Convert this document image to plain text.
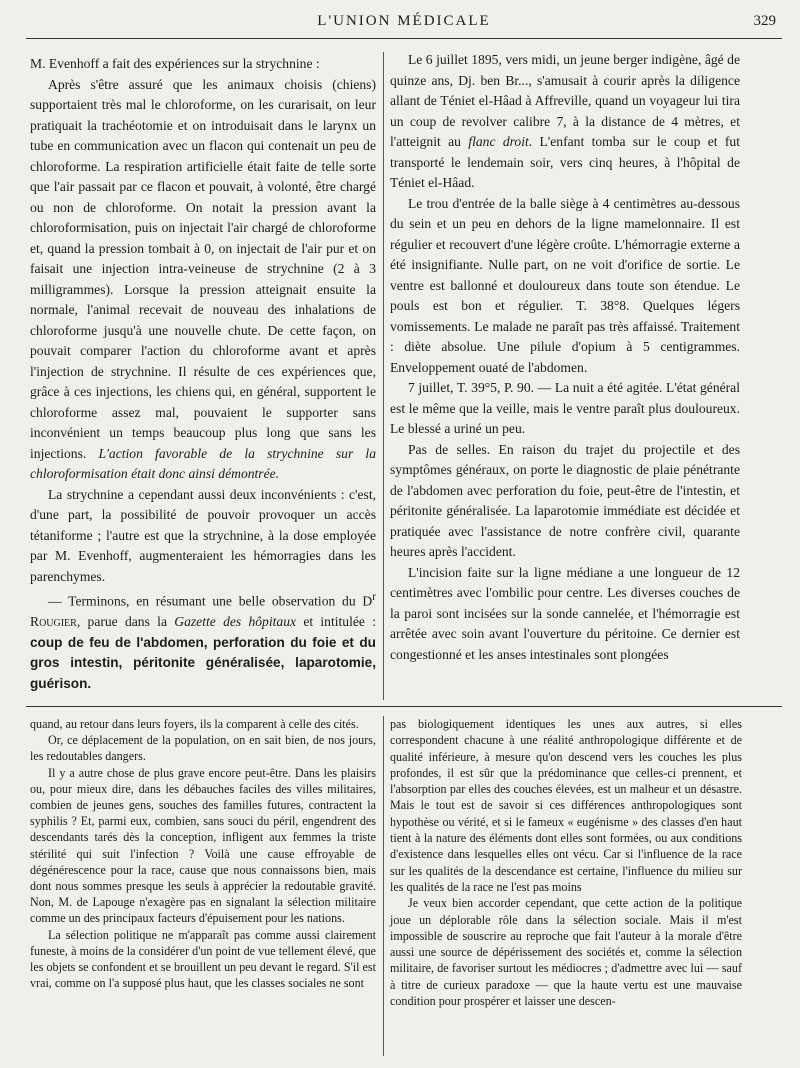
L'UNION MÉDICALE	329

M. Evenhoff a fait des expériences sur la strychnine :

Après s'être assuré que les animaux choisis (chiens) supportaient très mal le chloroforme, on les curarisait, on leur pratiquait la trachéotomie et on introduisait dans le larynx un tube en communication avec un flacon qui contenait un peu de chloroforme. La respiration artificielle était faite de telle sorte que l'air passait par ce flacon et pouvait, à volonté, être chargé ou non de chloroforme. On notait la pression avant la chloroformisation, puis on injectait l'air chargé de chloroforme et, quand la pression tombait à 0, on injectait de l'air pur et on faisait une injection intra-veineuse de strychnine (2 à 3 milligrammes). Lorsque la pression atteignait ensuite la normale, l'animal recevait de nouveau des inhalations de chloroforme jusqu'à une nouvelle chute. De cette façon, on pouvait comparer l'action du chloroforme avant et après l'injection de strychnine. Il résulte de ces expériences que, grâce à ces injections, les chiens qui, en général, supportent le chloroforme assez mal, pouvaient le supporter sans inconvénient un temps beaucoup plus long que sans les injections. L'action favorable de la strychnine sur la chloroformisation était donc ainsi démontrée.

La strychnine a cependant aussi deux inconvénients : c'est, d'une part, la possibilité de pouvoir provoquer un accès tétaniforme ; l'autre est que la strychnine, à la dose employée par M. Evenhoff, augmenteraient les hémorragies dans les parenchymes.

— Terminons, en résumant une belle observation du $D^r$ Rougier, parue dans la Gazette des hôpitaux et intitulée : coup de feu de l'abdomen, perforation du foie et du gros intestin, péritonite généralisée, laparotomie, guérison.

Le 6 juillet 1895, vers midi, un jeune berger indigène, âgé de quinze ans, Dj. ben Br..., s'amusait à courir après la diligence allant de Téniet el-Hâad à Affreville, quand un voyageur lui tira un coup de revolver calibre 7, à la distance de 4 mètres, et l'atteignit au flanc droit. L'enfant tomba sur le coup et fut transporté le lendemain soir, vers cinq heures, à l'hôpital de Téniet el-Hâad.

Le trou d'entrée de la balle siège à 4 centimètres au-dessous du sein et un peu en dehors de la ligne mamelonnaire. Il est régulier et recouvert d'une légère croûte. L'hémorragie externe a été insignifiante. Nulle part, on ne voit d'orifice de sortie. Le ventre est ballonné et douloureux dans toute son étendue. Le pouls est bon et régulier. T. 38°8. Quelques légers vomissements. Le malade ne paraît pas très affaissé. Traitement : diète absolue. Une pilule d'opium à 5 centigrammes. Enveloppement ouaté de l'abdomen.

7 juillet, T. 39°5, P. 90. — La nuit a été agitée. L'état général est le même que la veille, mais le ventre paraît plus douloureux. Le blessé a uriné un peu.

Pas de selles. En raison du trajet du projectile et des symptômes généraux, on porte le diagnostic de plaie pénétrante de l'abdomen avec perforation du foie, peut-être de l'intestin, et péritonite généralisée. La laparotomie immédiate est décidée et pratiquée avec l'assistance de notre confrère civil, quarante heures après l'accident.

L'incision faite sur la ligne médiane a une longueur de 12 centimètres avec l'ombilic pour centre. Les diverses couches de la paroi sont incisées sur la sonde cannelée, et l'hémorragie est arrêtée avec soin avant l'ouverture du péritoine. Ce dernier est congestionné et les anses intestinales sont plongées

quand, au retour dans leurs foyers, ils la comparent à celle des cités.

Or, ce déplacement de la population, on en sait bien, de nos jours, les redoutables dangers.

Il y a autre chose de plus grave encore peut-être. Dans les plaisirs ou, pour mieux dire, dans les débauches faciles des villes militaires, combien de jeunes gens, souches des familles futures, contractent la syphilis ? Et, parmi eux, combien, sans souci du péril, engendrent des descendants tarés dès la conception, infligent aux femmes la triste stérilité qui suit l'infection ? Voilà une cause effroyable de dégénérescence pour la race, cause que nous connaissons bien, mais dont nous sommes presque les seuls à apprécier la redoutable gravité. Non, M. de Lapouge n'exagère pas en signalant la sélection militaire comme un des principaux facteurs d'épuisement pour les nations.

La sélection politique ne m'apparaît pas comme aussi clairement funeste, à moins de la considérer d'un point de vue tellement élevé, que les objets se confondent et se brouillent un peu devant le regard. S'il est vrai, comme on l'a supposé plus haut, que les classes sociales ne sont

pas biologiquement identiques les unes aux autres, si elles correspondent chacune à une réalité anthropologique différente et de qualité inférieure, à mesure qu'on descend vers les couches les plus profondes, il est sûr que la prédominance que celles-ci prennent, et l'absorption par elles des couches élevées, est un malheur et un désastre. Mais le tout est de savoir si ces différences anthropologiques sont hypothèse ou vérité, et si le fameux « eugénisme » des classes d'en haut tient à la nature des éléments dont elles sont formées, ou aux conditions d'existence dans lesquelles elles ont vécu. Car si l'influence de la race sur les qualités de la descendance est certaine, l'influence du milieu sur les qualités de la race ne l'est pas moins

Je veux bien accorder cependant, que cette action de la politique joue un déplorable rôle dans la sélection sociale. Mais il m'est impossible de souscrire au reproche que fait l'auteur à la morale d'être aussi une source de dépérissement des sociétés et, comme la sélection militaire, de favoriser surtout les médiocres ; d'admettre avec lui — sauf à titre de curieux paradoxe — que la haute vertu est une mauvaise condition pour prospérer et laisser une descen-
